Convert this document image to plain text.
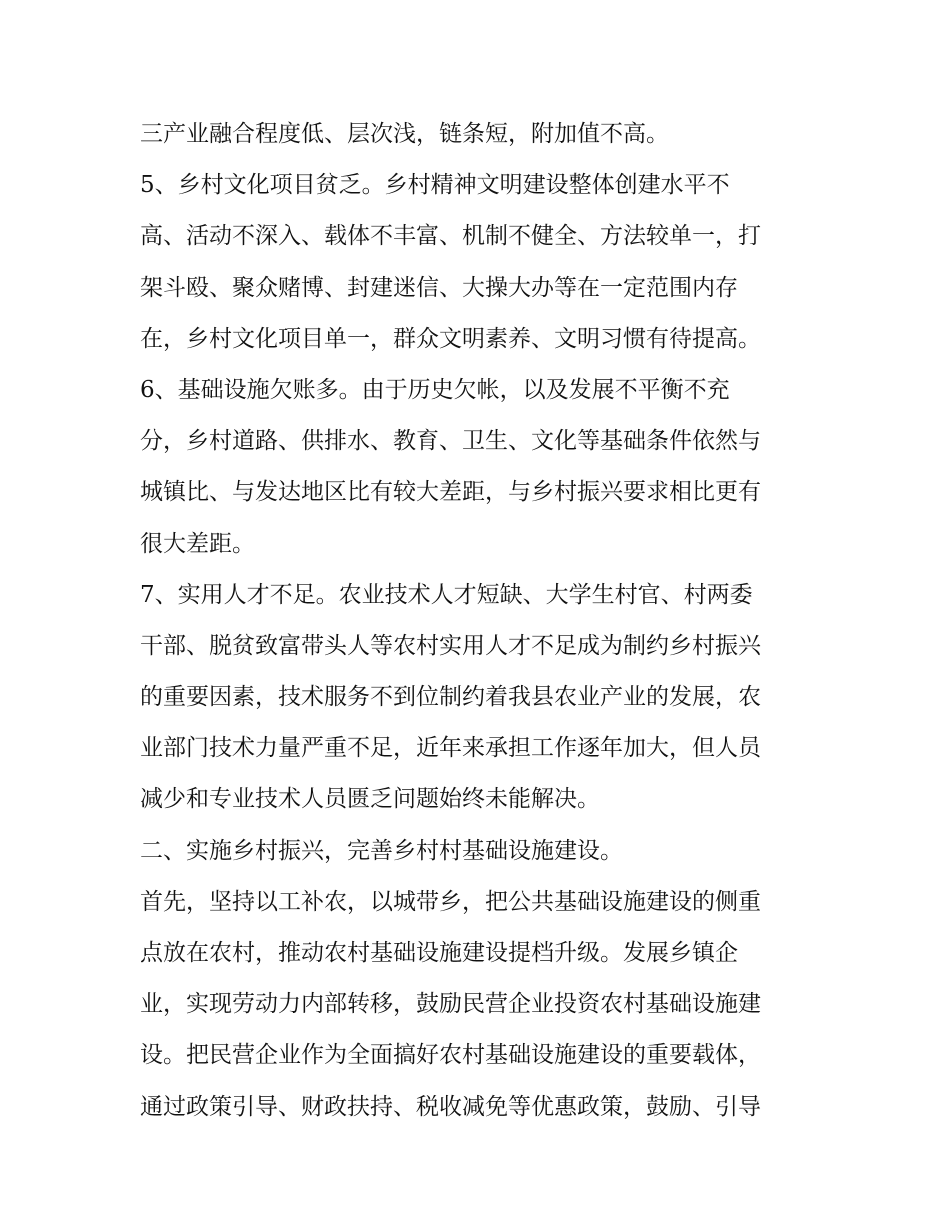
三产业融合程度低、层次浅，链条短，附加值不高。
5、乡村文化项目贫乏。乡村精神文明建设整体创建水平不
高、活动不深入、载体不丰富、机制不健全、方法较单一，打
架斗殴、聚众赌博、封建迷信、大操大办等在一定范围内存
在，乡村文化项目单一，群众文明素养、文明习惯有待提高。
6、基础设施欠账多。由于历史欠帐，以及发展不平衡不充
分，乡村道路、供排水、教育、卫生、文化等基础条件依然与
城镇比、与发达地区比有较大差距，与乡村振兴要求相比更有
很大差距。
7、实用人才不足。农业技术人才短缺、大学生村官、村两委
干部、脱贫致富带头人等农村实用人才不足成为制约乡村振兴
的重要因素，技术服务不到位制约着我县农业产业的发展，农
业部门技术力量严重不足，近年来承担工作逐年加大，但人员
减少和专业技术人员匮乏问题始终未能解决。
二、实施乡村振兴，完善乡村村基础设施建设。
首先，坚持以工补农，以城带乡，把公共基础设施建设的侧重
点放在农村，推动农村基础设施建设提档升级。发展乡镇企
业，实现劳动力内部转移，鼓励民营企业投资农村基础设施建
设。把民营企业作为全面搞好农村基础设施建设的重要载体，
通过政策引导、财政扶持、税收减免等优惠政策，鼓励、引导
